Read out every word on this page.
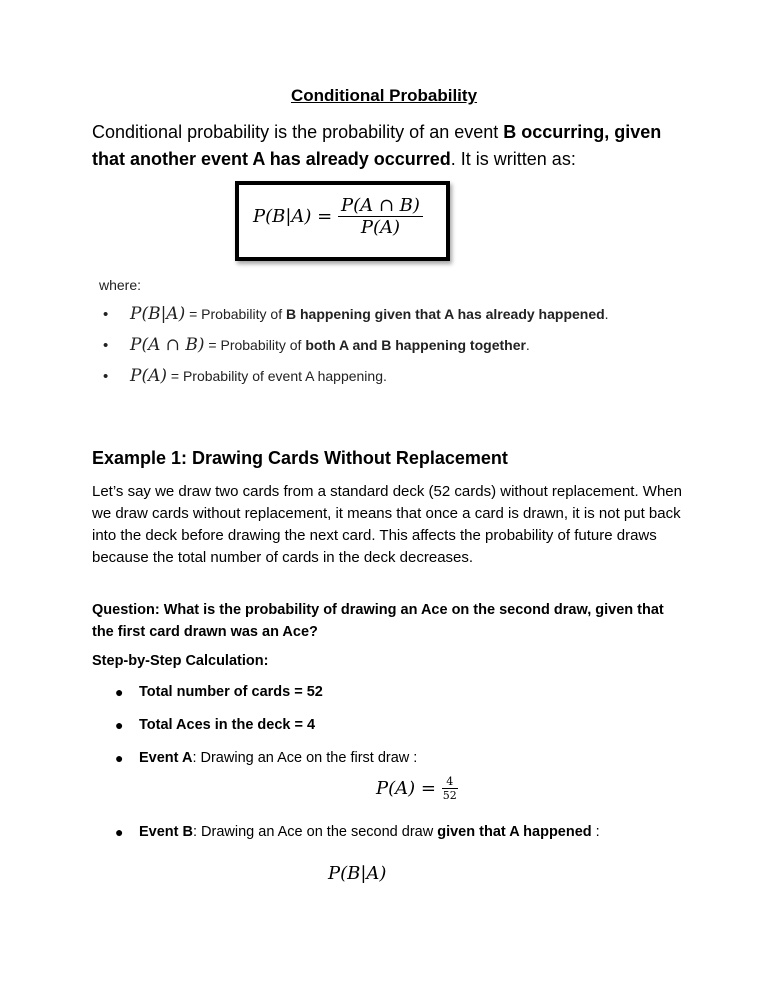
Conditional Probability
Conditional probability is the probability of an event B occurring, given that another event A has already occurred. It is written as:
$P(B|A) = \frac{P(A \cap B)}{P(A)}$
where:
• P(B|A) = Probability of B happening given that A has already happened.
• P(A ∩ B) = Probability of both A and B happening together.
• P(A) = Probability of event A happening.
Example 1: Drawing Cards Without Replacement
Let’s say we draw two cards from a standard deck (52 cards) without replacement. When we draw cards without replacement, it means that once a card is drawn, it is not put back into the deck before drawing the next card. This affects the probability of future draws because the total number of cards in the deck decreases.
Question: What is the probability of drawing an Ace on the second draw, given that the first card drawn was an Ace?
Step-by-Step Calculation:
● Total number of cards = 52
● Total Aces in the deck = 4
● Event A: Drawing an Ace on the first draw :
● Event B: Drawing an Ace on the second draw given that A happened :
$P(A) = \frac{4}{52}$
P(B|A)
